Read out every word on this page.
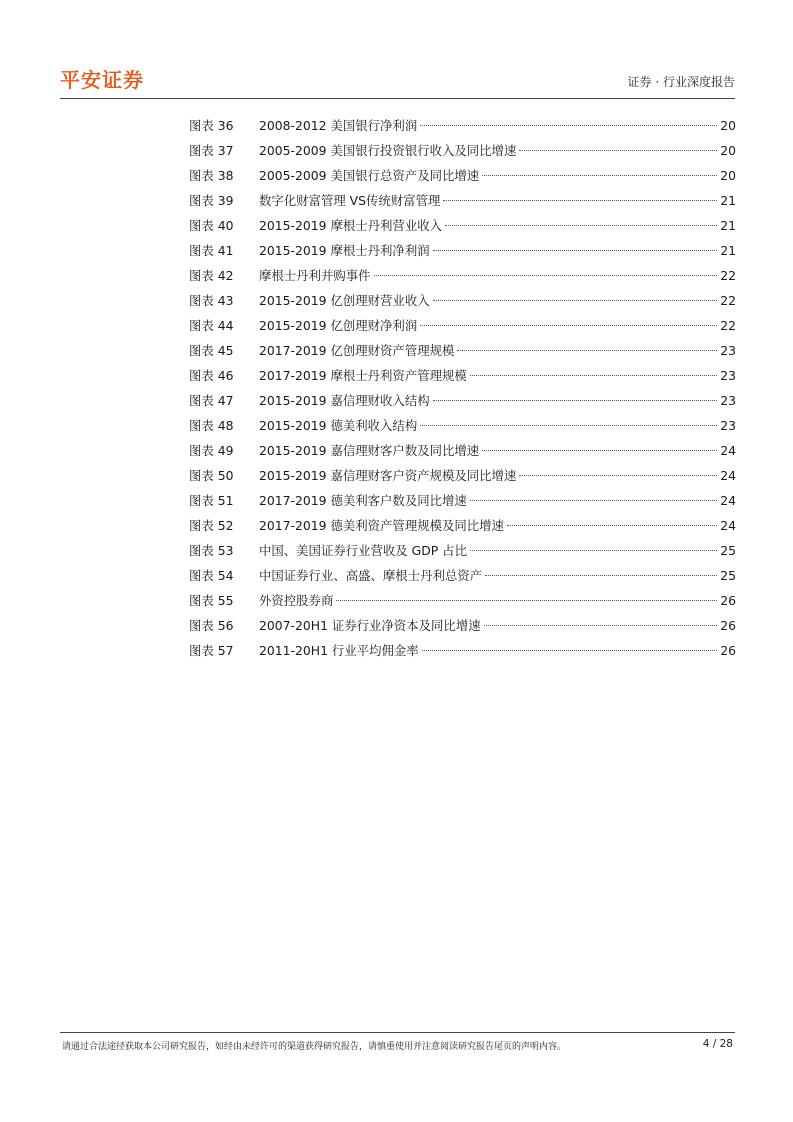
平安证券	证券 · 行业深度报告
图表 36	2008-2012 美国银行净利润	20
图表 37	2005-2009 美国银行投资银行收入及同比增速	20
图表 38	2005-2009 美国银行总资产及同比增速	20
图表 39	数字化财富管理 VS传统财富管理	21
图表 40	2015-2019 摩根士丹利营业收入	21
图表 41	2015-2019 摩根士丹利净利润	21
图表 42	摩根士丹利并购事件	22
图表 43	2015-2019 亿创理财营业收入	22
图表 44	2015-2019 亿创理财净利润	22
图表 45	2017-2019 亿创理财资产管理规模	23
图表 46	2017-2019 摩根士丹利资产管理规模	23
图表 47	2015-2019 嘉信理财收入结构	23
图表 48	2015-2019 德美利收入结构	23
图表 49	2015-2019 嘉信理财客户数及同比增速	24
图表 50	2015-2019 嘉信理财客户资产规模及同比增速	24
图表 51	2017-2019 德美利客户数及同比增速	24
图表 52	2017-2019 德美利资产管理规模及同比增速	24
图表 53	中国、美国证券行业营收及 GDP 占比	25
图表 54	中国证券行业、高盛、摩根士丹利总资产	25
图表 55	外资控股券商	26
图表 56	2007-20H1 证券行业净资本及同比增速	26
图表 57	2011-20H1 行业平均佣金率	26
请通过合法途径获取本公司研究报告，如经由未经许可的渠道获得研究报告，请慎重使用并注意阅读研究报告尾页的声明内容。	4 / 28
